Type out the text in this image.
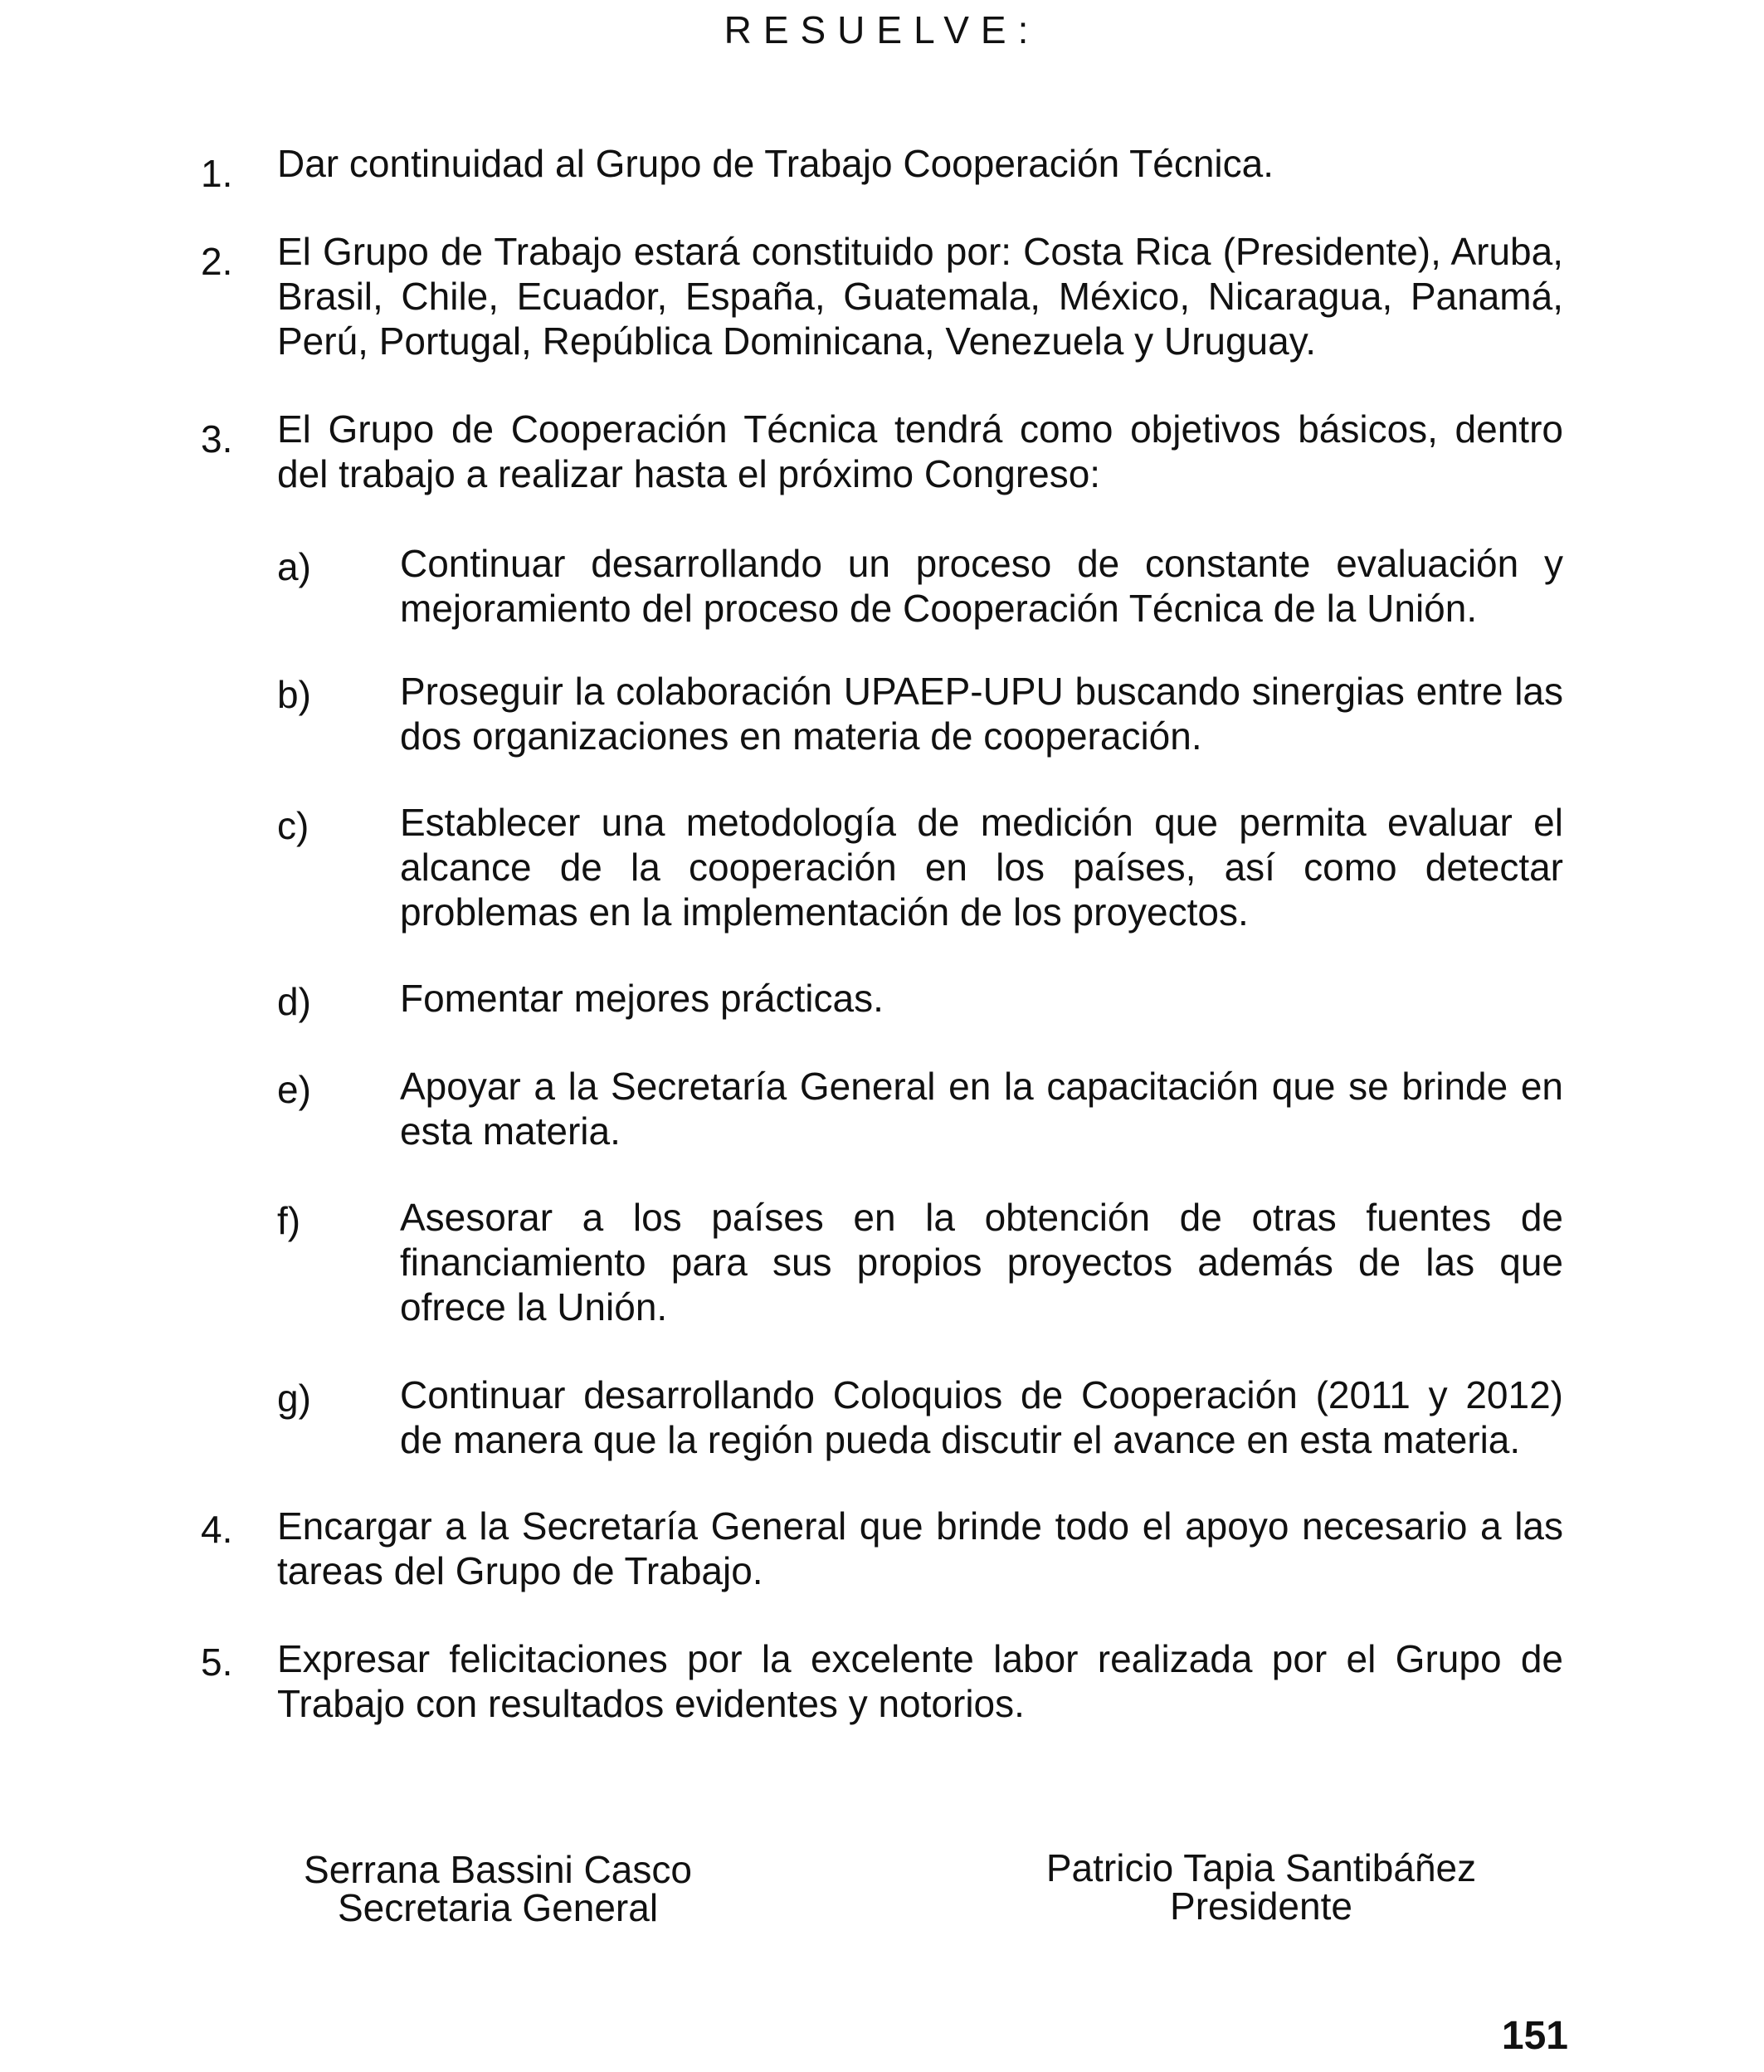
RESUELVE:
1.	Dar continuidad al Grupo de Trabajo Cooperación Técnica.
2.	El Grupo de Trabajo estará constituido por: Costa Rica (Presidente), Aruba, Brasil, Chile, Ecuador, España, Guatemala, México, Nicaragua, Panamá, Perú, Portugal, República Dominicana, Venezuela y Uruguay.
3.	El Grupo de Cooperación Técnica tendrá como objetivos básicos, dentro del trabajo a realizar hasta el próximo Congreso:
a)	Continuar desarrollando un proceso de constante evaluación y mejoramiento del proceso de Cooperación Técnica de la Unión.
b)	Proseguir la colaboración UPAEP-UPU buscando sinergias entre las dos organizaciones en materia de cooperación.
c)	Establecer una metodología de medición que permita evaluar el alcance de la cooperación en los países, así como detectar problemas en la implementación de los proyectos.
d)	Fomentar mejores prácticas.
e)	Apoyar a la Secretaría General en la capacitación que se brinde en esta materia.
f)	Asesorar a los países en la obtención de otras fuentes de financiamiento para sus propios proyectos además de las que ofrece la Unión.
g)	Continuar desarrollando Coloquios de Cooperación (2011 y 2012) de manera que la región pueda discutir el avance en esta materia.
4.	Encargar a la Secretaría General que brinde todo el apoyo necesario a las tareas del Grupo de Trabajo.
5.	Expresar felicitaciones por la excelente labor realizada por el Grupo de Trabajo con resultados evidentes y notorios.
Serrana Bassini Casco
Secretaria General
Patricio Tapia Santibáñez
Presidente
151
